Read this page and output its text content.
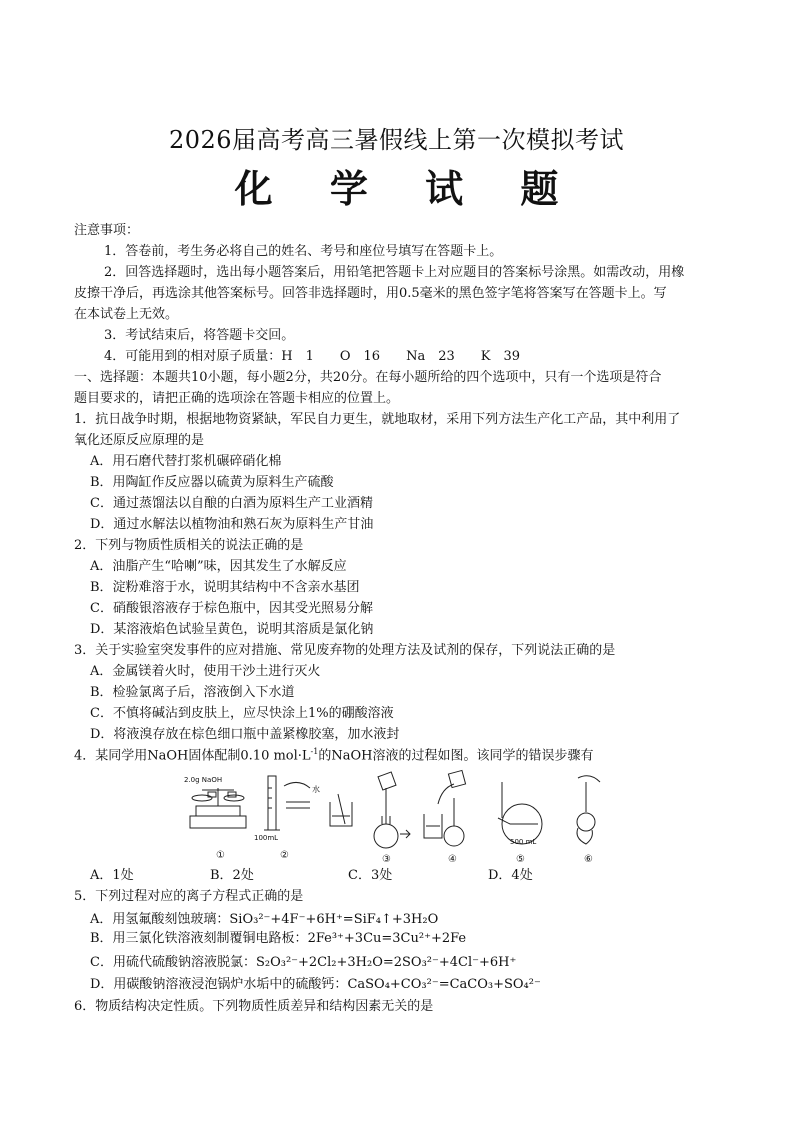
2026届高考高三暑假线上第一次模拟考试
化 学 试 题
注意事项：
1．答卷前，考生务必将自己的姓名、考号和座位号填写在答题卡上。
2．回答选择题时，选出每小题答案后，用铅笔把答题卡上对应题目的答案标号涂黑。如需改动，用橡
皮擦干净后，再选涂其他答案标号。回答非选择题时，用0.5毫米的黑色签字笔将答案写在答题卡上。写
在本试卷上无效。
3．考试结束后，将答题卡交回。
4．可能用到的相对原子质量：H　1　　O　16　　Na　23　　K　39
一、选择题：本题共10小题，每小题2分，共20分。在每小题所给的四个选项中，只有一个选项是符合
题目要求的，请把正确的选项涂在答题卡相应的位置上。
1．抗日战争时期，根据地物资紧缺，军民自力更生，就地取材，采用下列方法生产化工产品，其中利用了
氧化还原反应原理的是
A．用石磨代替打浆机碾碎硝化棉
B．用陶缸作反应器以硫黄为原料生产硫酸
C．通过蒸馏法以自酿的白酒为原料生产工业酒精
D．通过水解法以植物油和熟石灰为原料生产甘油
2．下列与物质性质相关的说法正确的是
A．油脂产生“哈喇”味，因其发生了水解反应
B．淀粉难溶于水，说明其结构中不含亲水基团
C．硝酸银溶液存于棕色瓶中，因其受光照易分解
D．某溶液焰色试验呈黄色，说明其溶质是氯化钠
3．关于实验室突发事件的应对措施、常见废弃物的处理方法及试剂的保存，下列说法正确的是
A．金属镁着火时，使用干沙土进行灭火
B．检验氯离子后，溶液倒入下水道
C．不慎将碱沾到皮肤上，应尽快涂上1%的硼酸溶液
D．将液溴存放在棕色细口瓶中盖紧橡胶塞，加水液封
4．某同学用NaOH固体配制0.10 $mol\cdot L^{-1}$的NaOH溶液的过程如图。该同学的错误步骤有
2.0g NaOH
100mL
水
500 mL
①	②	③	④	⑤	⑥
A．1处	B．2处	C．3处	D．4处
5．下列过程对应的离子方程式正确的是
A．用氢氟酸刻蚀玻璃：SiO₃²⁻+4F⁻+6H⁺=SiF₄↑+3H₂O
B．用三氯化铁溶液刻制覆铜电路板：2Fe³⁺+3Cu=3Cu²⁺+2Fe
C．用硫代硫酸钠溶液脱氯：S₂O₃²⁻+2Cl₂+3H₂O=2SO₃²⁻+4Cl⁻+6H⁺
D．用碳酸钠溶液浸泡锅炉水垢中的硫酸钙：CaSO₄+CO₃²⁻=CaCO₃+SO₄²⁻
6．物质结构决定性质。下列物质性质差异和结构因素无关的是
